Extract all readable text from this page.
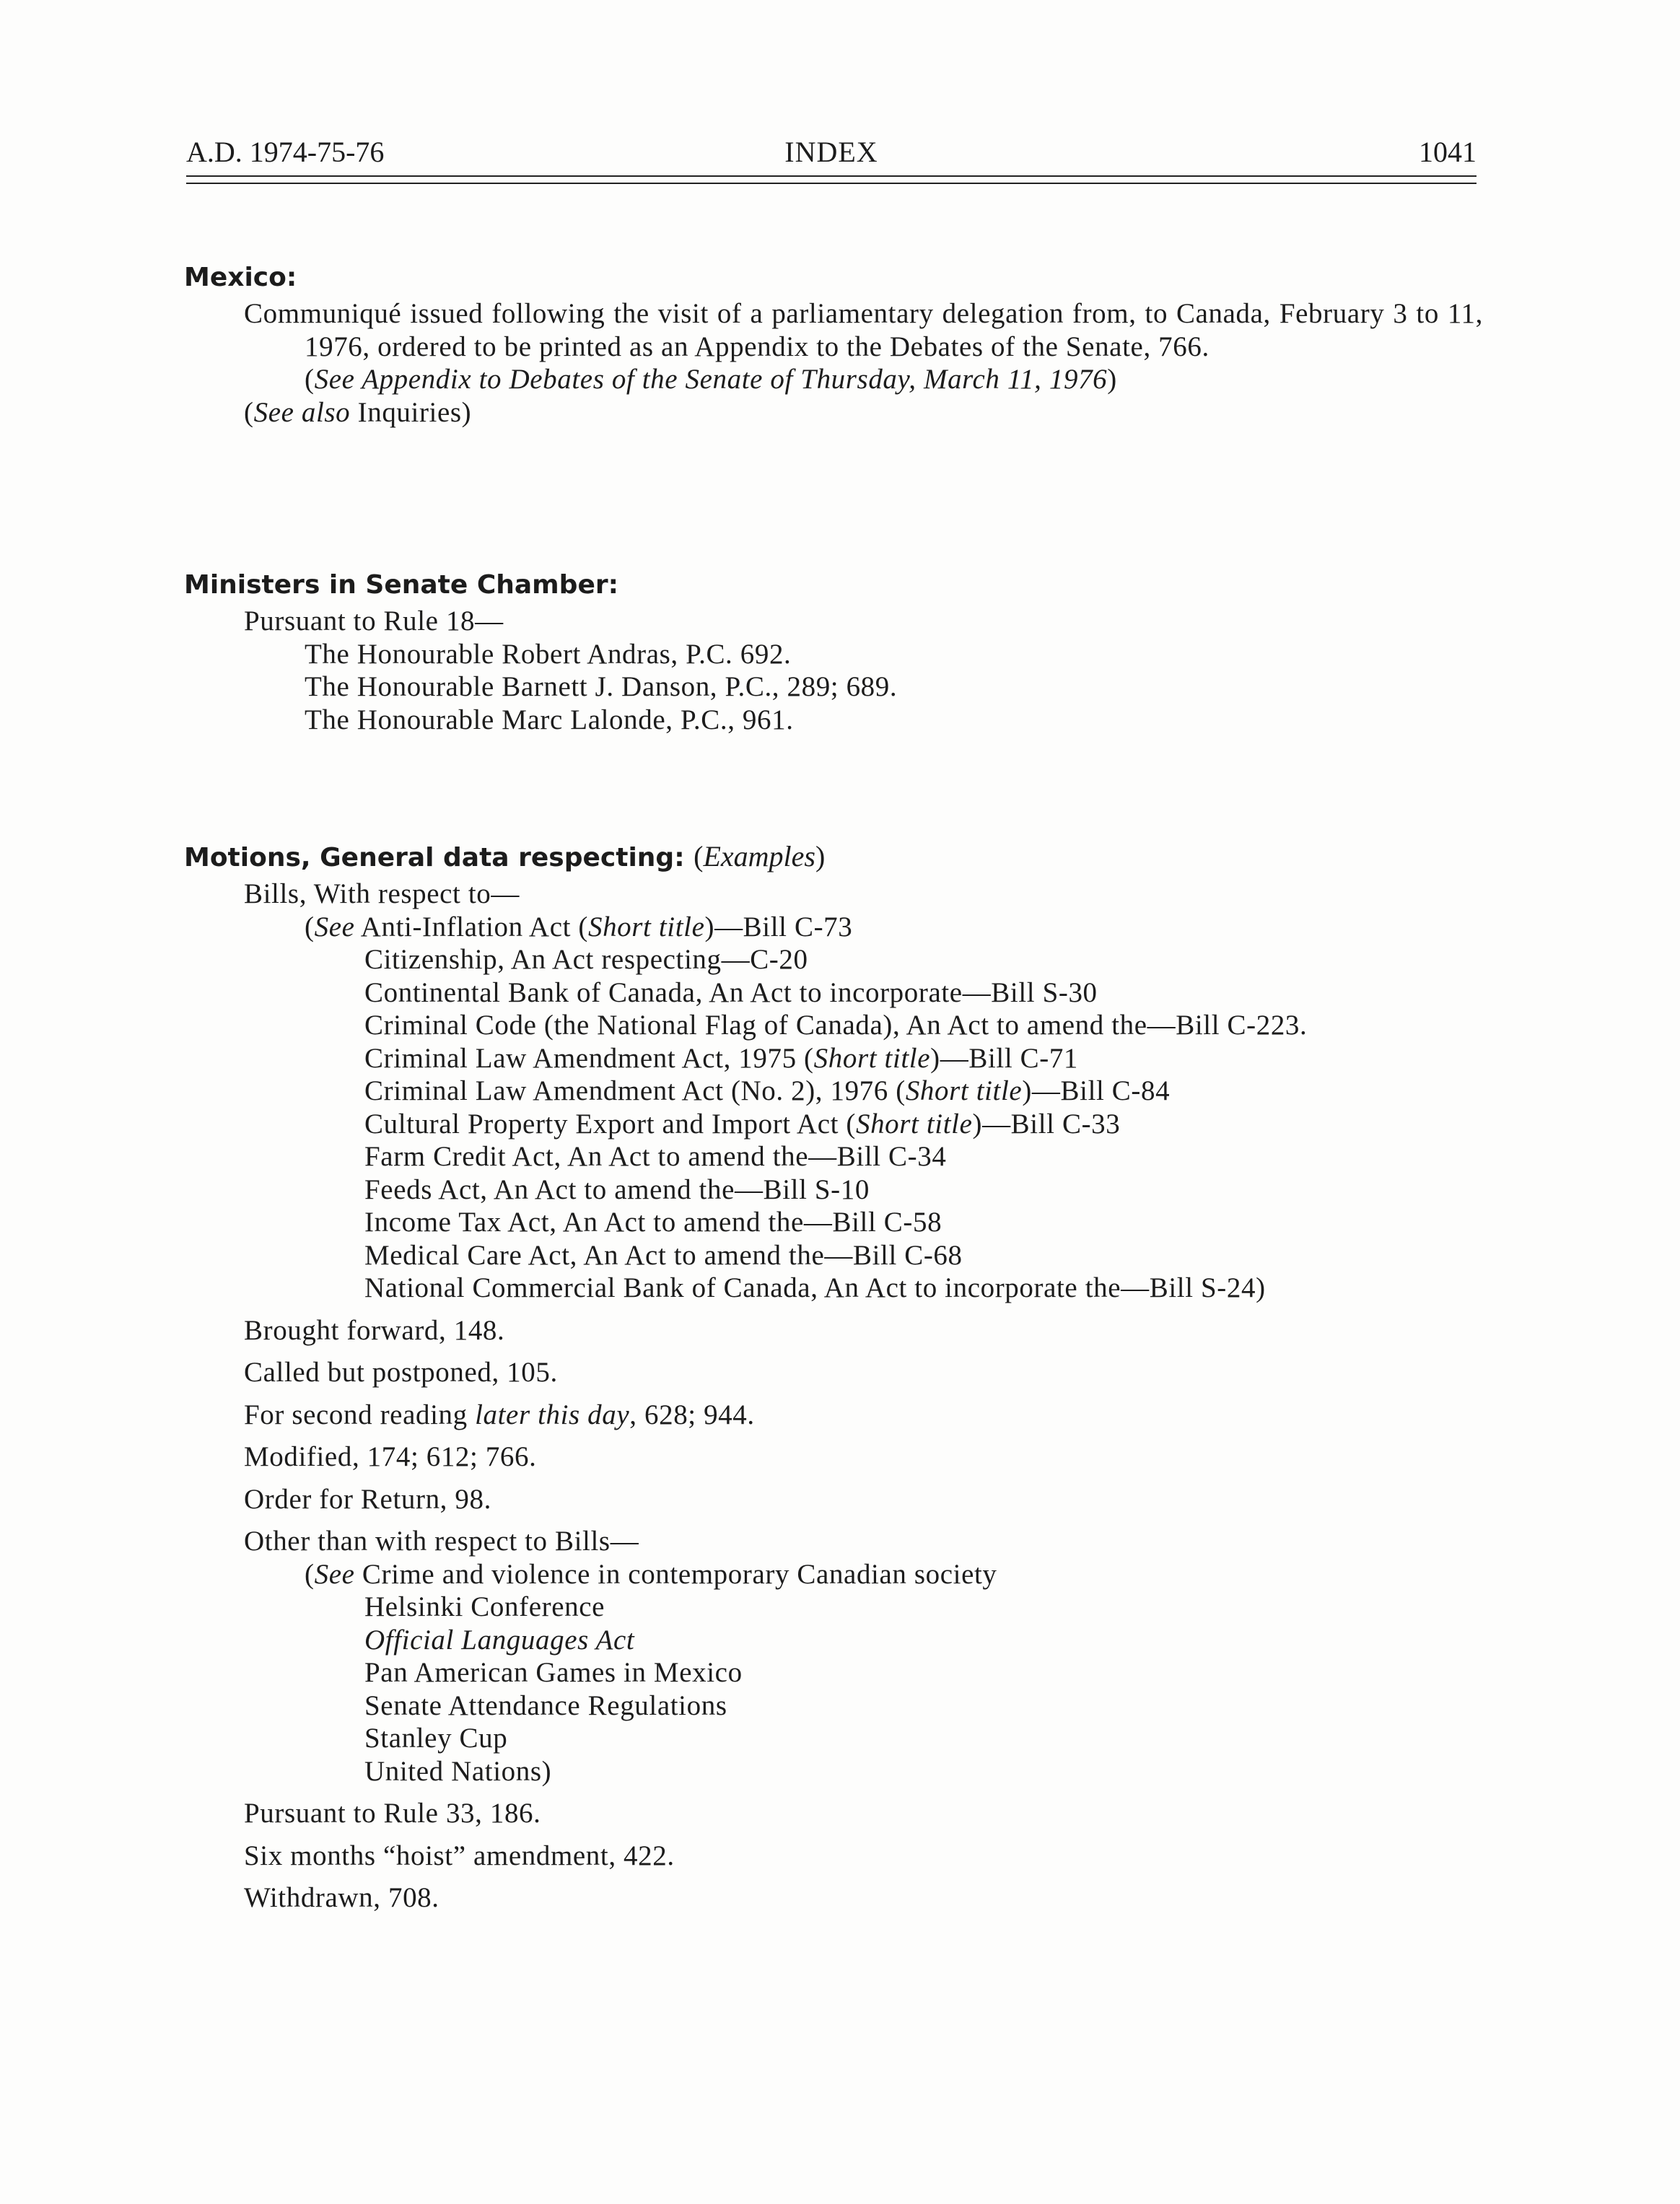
A.D. 1974-75-76	INDEX	1041
Mexico:
Communiqué issued following the visit of a parliamentary delegation from, to Canada, February 3 to 11, 1976, ordered to be printed as an Appendix to the Debates of the Senate, 766.
(See Appendix to Debates of the Senate of Thursday, March 11, 1976)
(See also Inquiries)
Ministers in Senate Chamber:
Pursuant to Rule 18—
The Honourable Robert Andras, P.C. 692.
The Honourable Barnett J. Danson, P.C., 289; 689.
The Honourable Marc Lalonde, P.C., 961.
Motions, General data respecting: (Examples)
Bills, With respect to—
(See Anti-Inflation Act (Short title)—Bill C-73
Citizenship, An Act respecting—C-20
Continental Bank of Canada, An Act to incorporate—Bill S-30
Criminal Code (the National Flag of Canada), An Act to amend the—Bill C-223.
Criminal Law Amendment Act, 1975 (Short title)—Bill C-71
Criminal Law Amendment Act (No. 2), 1976 (Short title)—Bill C-84
Cultural Property Export and Import Act (Short title)—Bill C-33
Farm Credit Act, An Act to amend the—Bill C-34
Feeds Act, An Act to amend the—Bill S-10
Income Tax Act, An Act to amend the—Bill C-58
Medical Care Act, An Act to amend the—Bill C-68
National Commercial Bank of Canada, An Act to incorporate the—Bill S-24)
Brought forward, 148.
Called but postponed, 105.
For second reading later this day, 628; 944.
Modified, 174; 612; 766.
Order for Return, 98.
Other than with respect to Bills—
(See Crime and violence in contemporary Canadian society
Helsinki Conference
Official Languages Act
Pan American Games in Mexico
Senate Attendance Regulations
Stanley Cup
United Nations)
Pursuant to Rule 33, 186.
Six months “hoist” amendment, 422.
Withdrawn, 708.
